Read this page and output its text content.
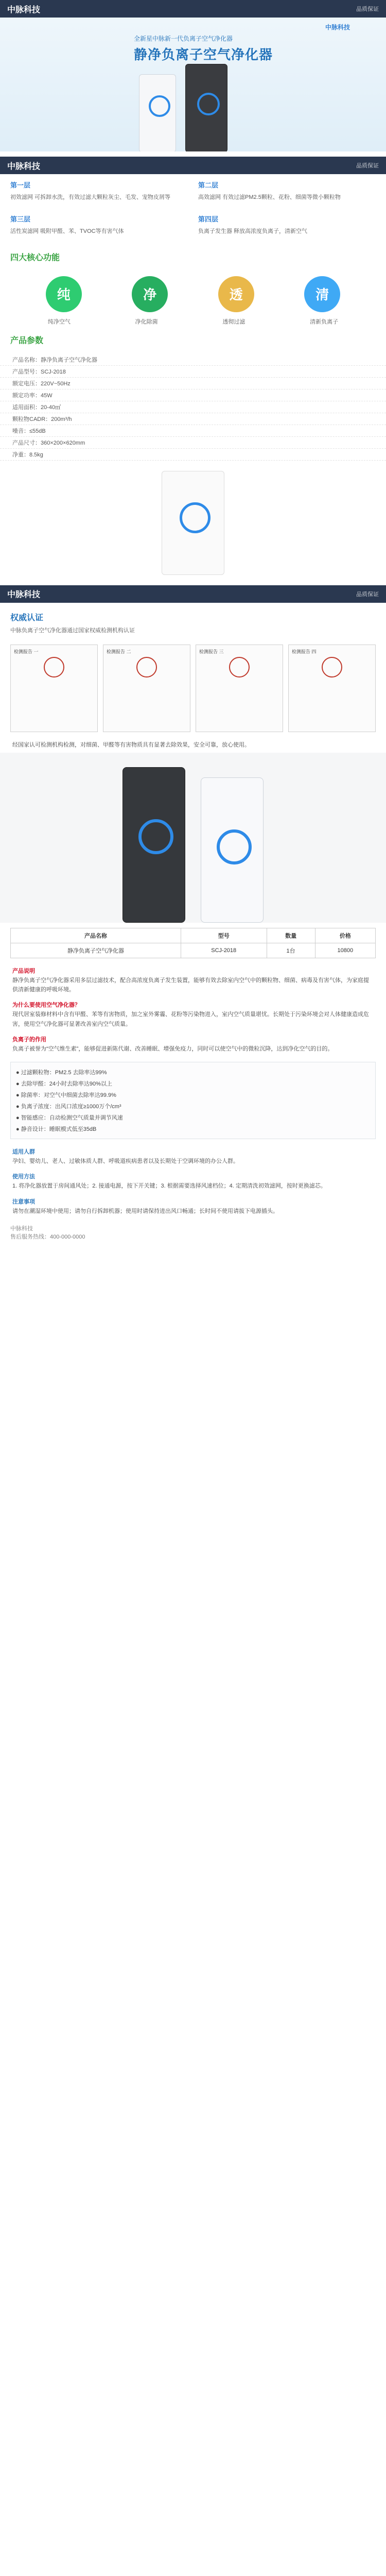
中脉科技	品质保证
中脉科技
全新星中脉新一代负离子空气净化器
静净负离子空气净化器
中脉科技	品质保证
第一层
初效滤网 可拆卸水洗，有效过滤大颗粒灰尘、毛发、宠物皮屑等
第二层
高效滤网 有效过滤PM2.5颗粒、花粉、细菌等微小颗粒物
第三层
活性炭滤网 吸附甲醛、苯、TVOC等有害气体
第四层
负离子发生器 释放高浓度负离子，清新空气
四大核心功能
纯	净	透	清
纯净空气	净化除菌	透彻过滤	清新负离子
产品参数
产品名称：静净负离子空气净化器
产品型号：SCJ-2018
额定电压：220V~50Hz
额定功率：45W
适用面积：20-40㎡
颗粒物CADR：200m³/h
噪音：≤55dB
产品尺寸：360×200×620mm
净重：8.5kg
中脉科技	品质保证
权威认证
中脉负离子空气净化器通过国家权威检测机构认证
检测报告 一	检测报告 二	检测报告 三	检测报告 四
经国家认可检测机构检测，对细菌、甲醛等有害物质具有显著去除效果，安全可靠，放心使用。
产品名称	型号	数量	价格
静净负离子空气净化器	SCJ-2018	1台	10800
产品说明
静净负离子空气净化器采用多层过滤技术，配合高浓度负离子发生装置，能够有效去除室内空气中的颗粒物、细菌、病毒及有害气体，为家庭提供清新健康的呼吸环境。
为什么要使用空气净化器？
现代居室装修材料中含有甲醛、苯等有害物质，加之室外雾霾、花粉等污染物进入，室内空气质量堪忧。长期处于污染环境会对人体健康造成危害，使用空气净化器可显著改善室内空气质量。
负离子的作用
负离子被誉为“空气维生素”，能够促进新陈代谢、改善睡眠、增强免疫力，同时可以使空气中的微粒沉降，达到净化空气的目的。
● 过滤颗粒物：PM2.5 去除率达99%
● 去除甲醛：24小时去除率达90%以上
● 除菌率：对空气中细菌去除率达99.9%
● 负离子浓度：出风口浓度≥1000万个/cm³
● 智能感应：自动检测空气质量并调节风速
● 静音设计：睡眠模式低至35dB
适用人群
孕妇、婴幼儿、老人、过敏体质人群、呼吸道疾病患者以及长期处于空调环境的办公人群。
使用方法
1. 将净化器放置于房间通风处；2. 接通电源，按下开关键；3. 根据需要选择风速档位；4. 定期清洗初效滤网，按时更换滤芯。
注意事项
请勿在潮湿环境中使用；请勿自行拆卸机器；使用时请保持进出风口畅通；长时间不使用请拔下电源插头。
中脉科技
售后服务热线：400-000-0000
